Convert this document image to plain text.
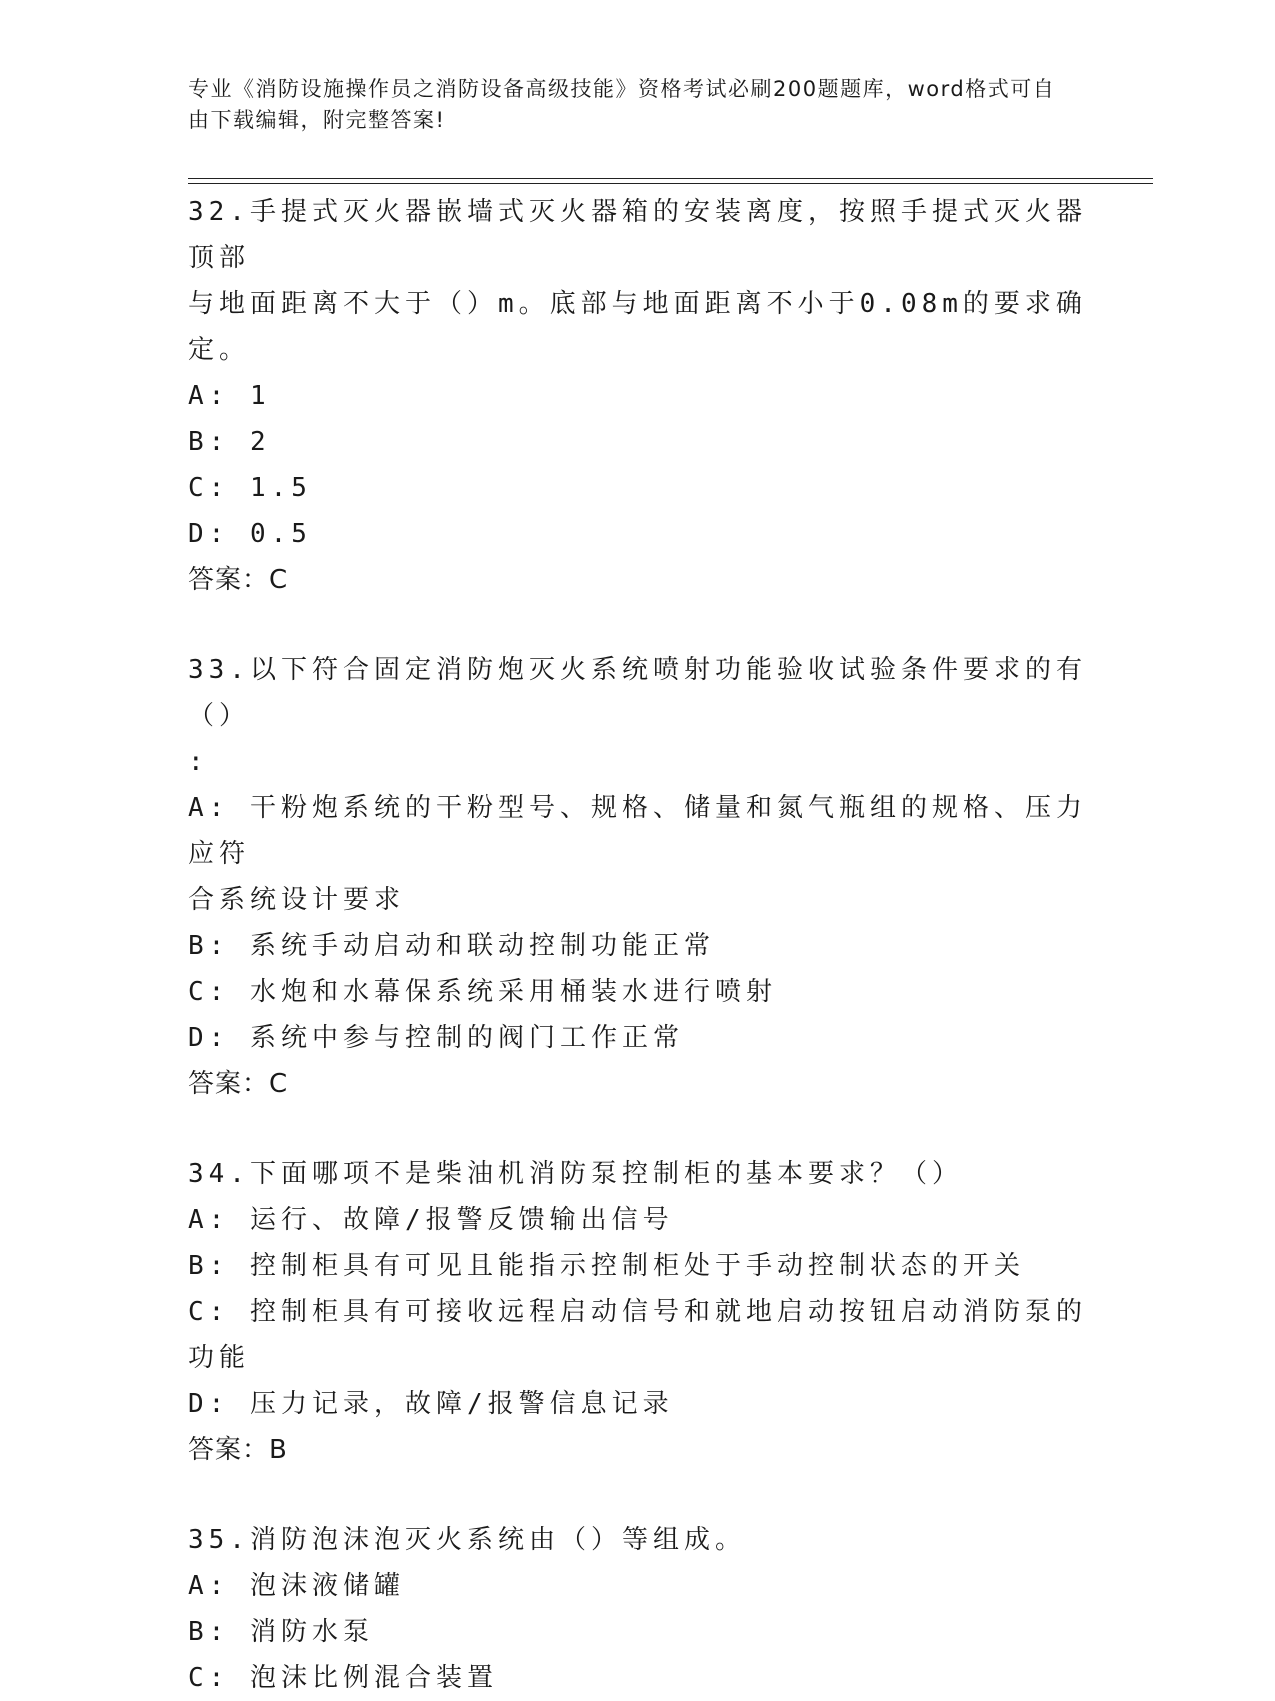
专业《消防设施操作员之消防设备高级技能》资格考试必刷200题题库，word格式可自由下载编辑，附完整答案!
32.手提式灭火器嵌墙式灭火器箱的安装离度，按照手提式灭火器顶部
与地面距离不大于（）m。底部与地面距离不小于0.08m的要求确定。
A: 1
B: 2
C: 1.5
D: 0.5
答案：C
33.以下符合固定消防炮灭火系统喷射功能验收试验条件要求的有（）
:
A: 干粉炮系统的干粉型号、规格、储量和氮气瓶组的规格、压力应符
合系统设计要求
B: 系统手动启动和联动控制功能正常
C: 水炮和水幕保系统采用桶装水进行喷射
D: 系统中参与控制的阀门工作正常
答案：C
34.下面哪项不是柴油机消防泵控制柜的基本要求？（）
A: 运行、故障/报警反馈输出信号
B: 控制柜具有可见且能指示控制柜处于手动控制状态的开关
C: 控制柜具有可接收远程启动信号和就地启动按钮启动消防泵的功能
D: 压力记录，故障/报警信息记录
答案：B
35.消防泡沫泡灭火系统由（）等组成。
A: 泡沫液储罐
B: 消防水泵
C: 泡沫比例混合装置
